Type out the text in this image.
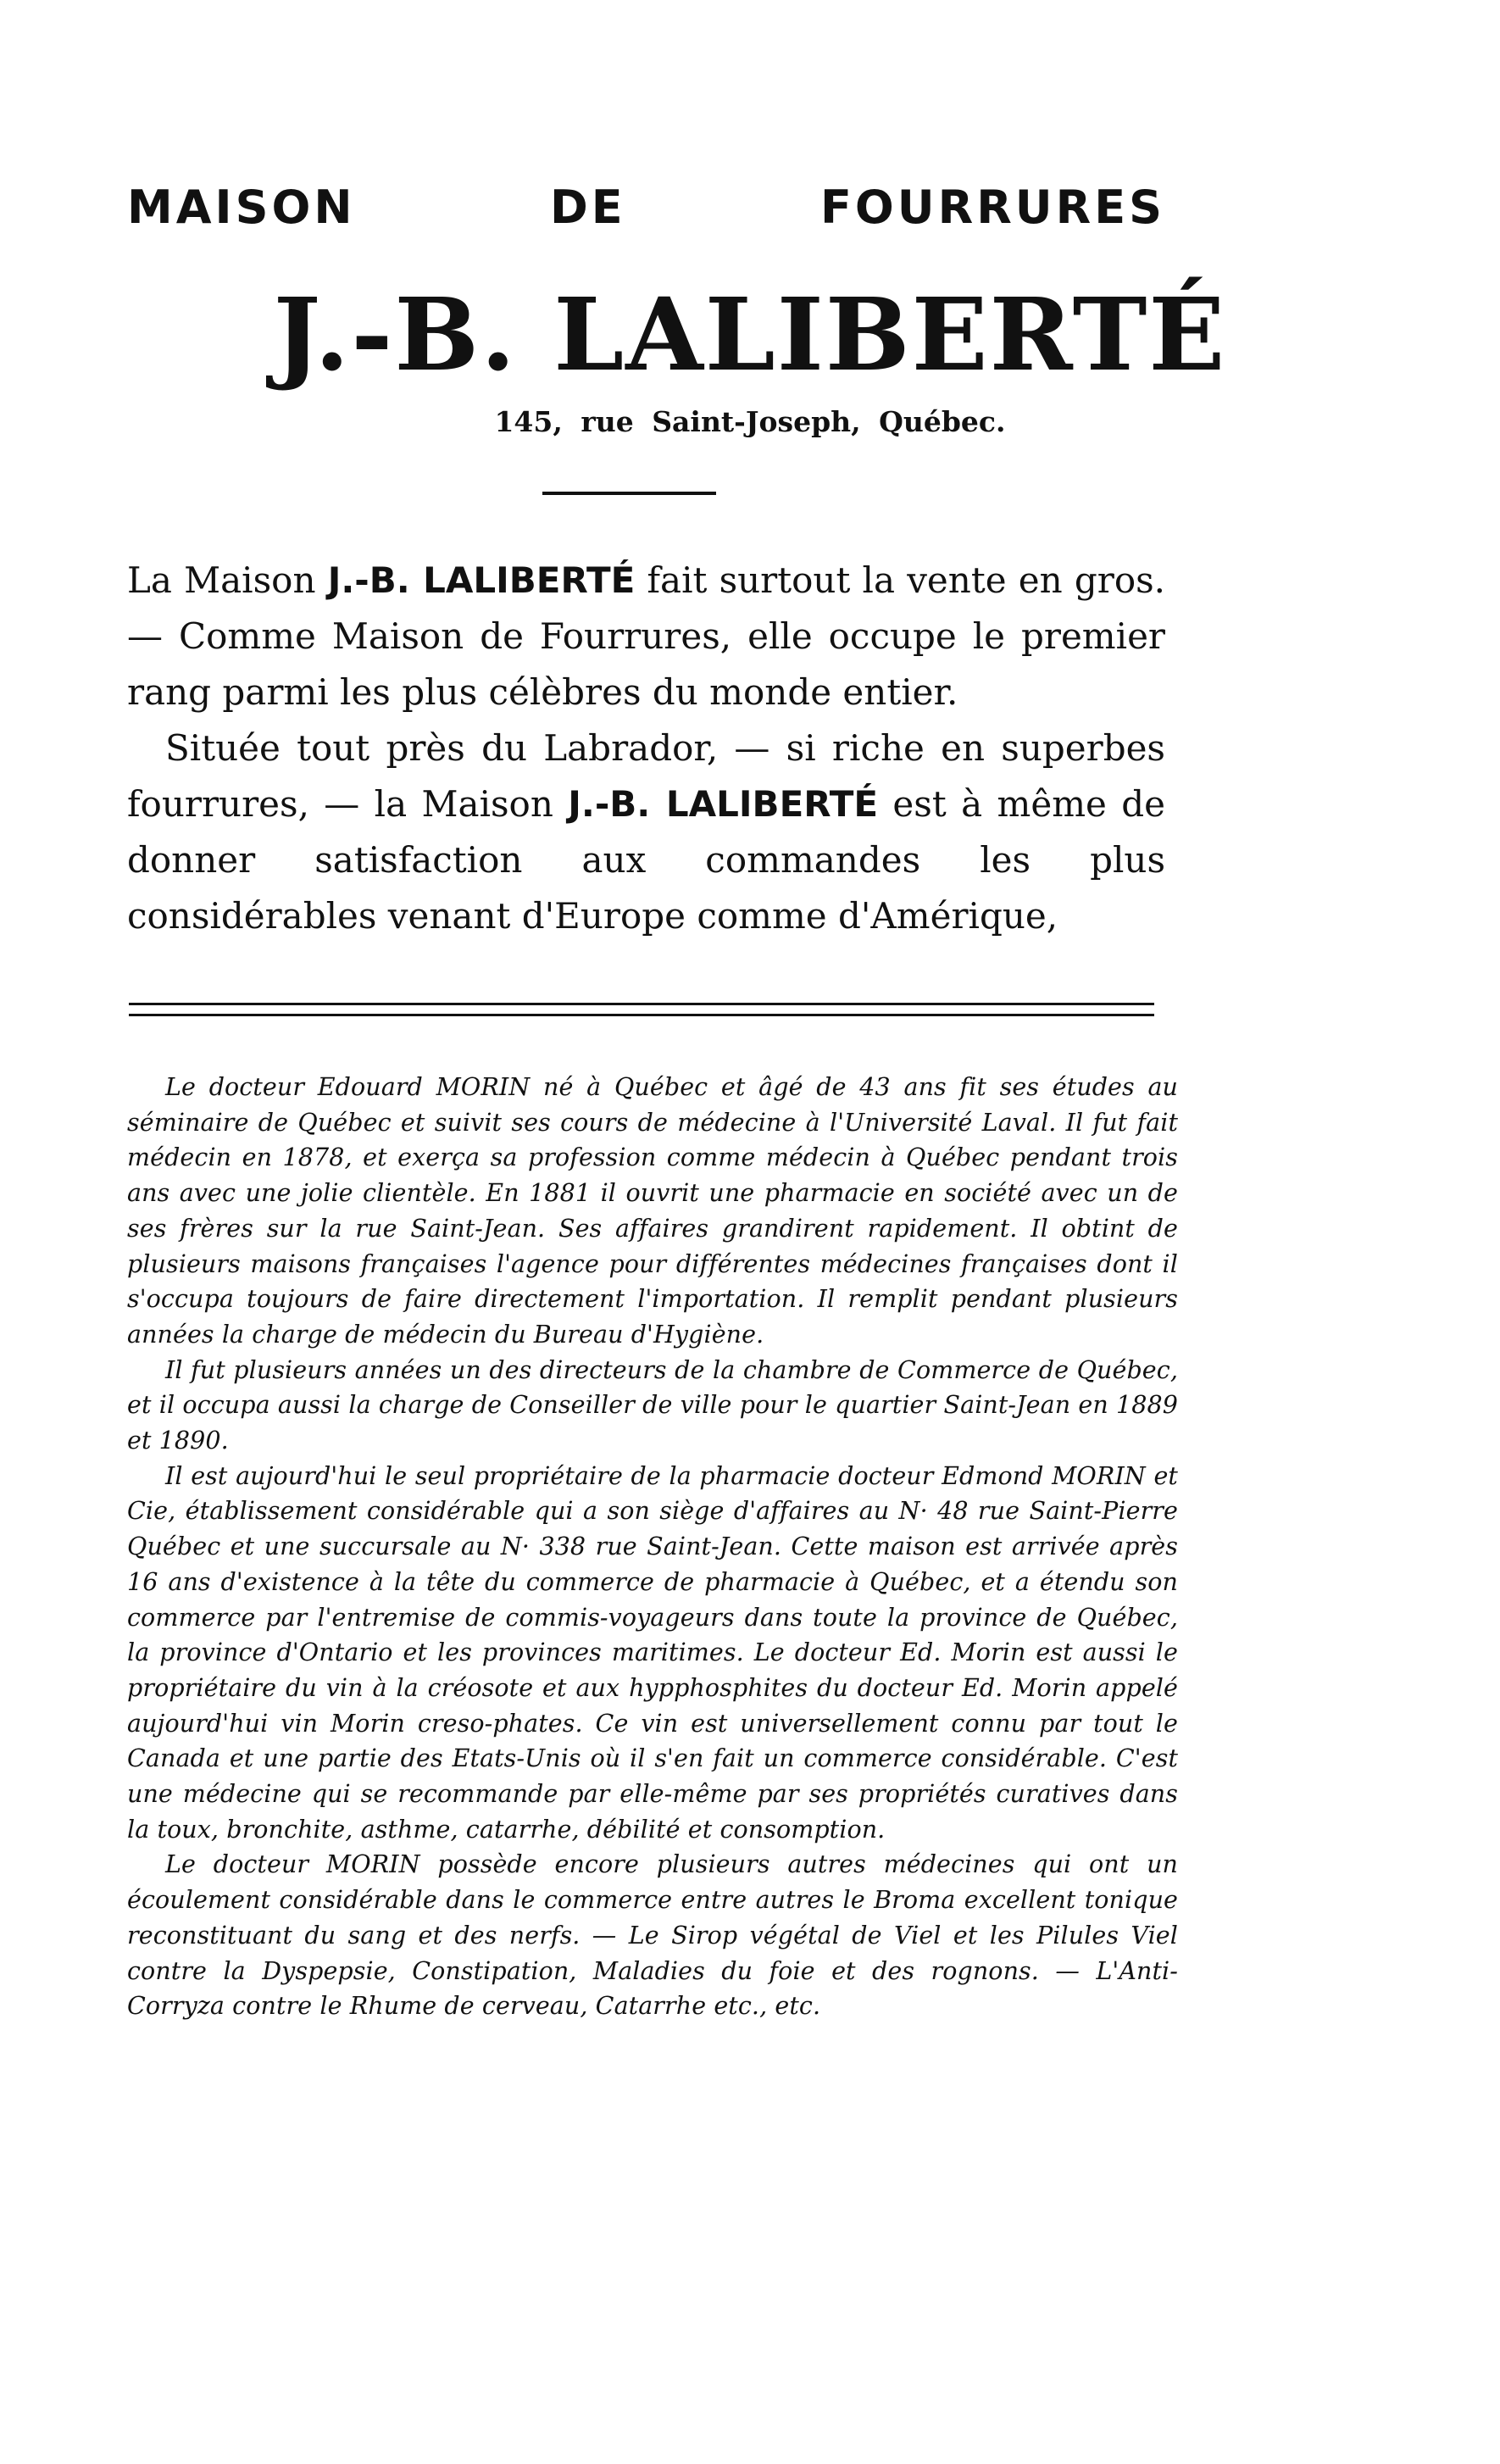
MAISON DE FOURRURES
J.-B. LALIBERTÉ
145, rue Saint-Joseph, Québec.

La Maison J.-B. LALIBERTÉ fait surtout la vente en gros. — Comme Maison de Fourrures, elle occupe le premier rang parmi les plus célèbres du monde entier.

Située tout près du Labrador, — si riche en superbes fourrures, — la Maison J.-B. LALIBERTÉ est à même de donner satisfaction aux commandes les plus considérables venant d'Europe comme d'Amérique,

Le docteur Edouard MORIN né à Québec et âgé de 43 ans fit ses études au séminaire de Québec et suivit ses cours de médecine à l'Université Laval. Il fut fait médecin en 1878, et exerça sa profession comme médecin à Québec pendant trois ans avec une jolie clientèle. En 1881 il ouvrit une pharmacie en société avec un de ses frères sur la rue Saint-Jean. Ses affaires grandirent rapidement. Il obtint de plusieurs maisons françaises l'agence pour différentes médecines françaises dont il s'occupa toujours de faire directement l'importation. Il remplit pendant plusieurs années la charge de médecin du Bureau d'Hygiène.

Il fut plusieurs années un des directeurs de la chambre de Commerce de Québec, et il occupa aussi la charge de Conseiller de ville pour le quartier Saint-Jean en 1889 et 1890.

Il est aujourd'hui le seul propriétaire de la pharmacie docteur Edmond MORIN et Cie, établissement considérable qui a son siège d'affaires au N· 48 rue Saint-Pierre Québec et une succursale au N· 338 rue Saint-Jean. Cette maison est arrivée après 16 ans d'existence à la tête du commerce de pharmacie à Québec, et a étendu son commerce par l'entremise de commis-voyageurs dans toute la province de Québec, la province d'Ontario et les provinces maritimes. Le docteur Ed. Morin est aussi le propriétaire du vin à la créosote et aux hypphosphites du docteur Ed. Morin appelé aujourd'hui vin Morin creso-phates. Ce vin est universellement connu par tout le Canada et une partie des Etats-Unis où il s'en fait un commerce considérable. C'est une médecine qui se recommande par elle-même par ses propriétés curatives dans la toux, bronchite, asthme, catarrhe, débilité et consomption.

Le docteur MORIN possède encore plusieurs autres médecines qui ont un écoulement considérable dans le commerce entre autres le Broma excellent tonique reconstituant du sang et des nerfs. — Le Sirop végétal de Viel et les Pilules Viel contre la Dyspepsie, Constipation, Maladies du foie et des rognons. — L'Anti-Corryza contre le Rhume de cerveau, Catarrhe etc., etc.
